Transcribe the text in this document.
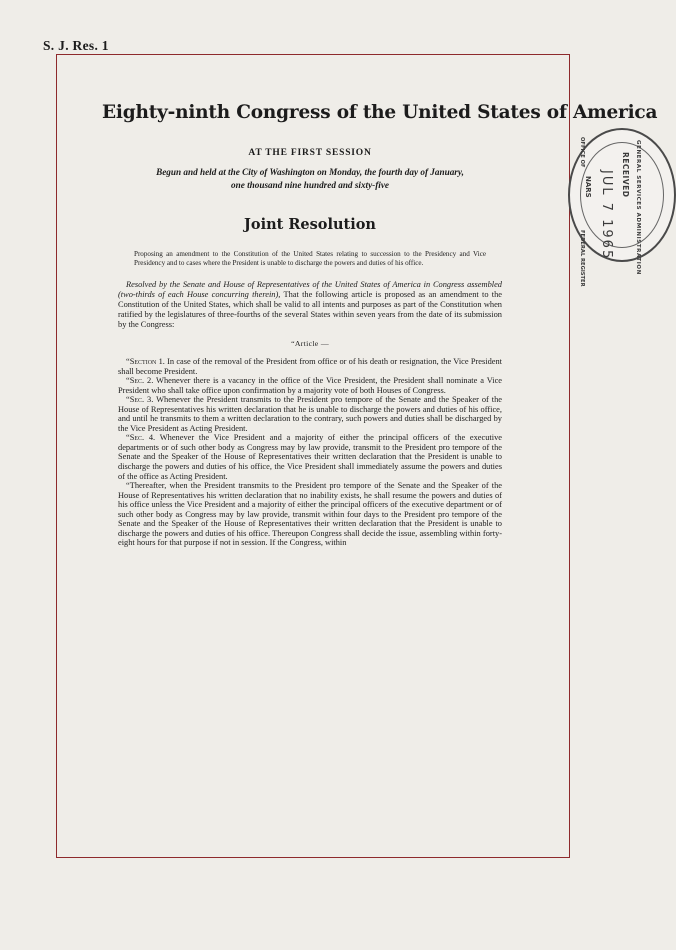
S. J. Res. 1
Eighty-ninth Congress of the United States of America
AT THE FIRST SESSION
Begun and held at the City of Washington on Monday, the fourth day of January,
one thousand nine hundred and sixty-five
Joint Resolution
Proposing an amendment to the Constitution of the United States relating to succession to the Presidency and Vice Presidency and to cases where the President is unable to discharge the powers and duties of his office.
Resolved by the Senate and House of Representatives of the United States of America in Congress assembled (two-thirds of each House concurring therein), That the following article is proposed as an amendment to the Constitution of the United States, which shall be valid to all intents and purposes as part of the Constitution when ratified by the legislatures of three-fourths of the several States within seven years from the date of its submission by the Congress:
“Article —

“Section 1. In case of the removal of the President from office or of his death or resignation, the Vice President shall become President.

“Sec. 2. Whenever there is a vacancy in the office of the Vice President, the President shall nominate a Vice President who shall take office upon confirmation by a majority vote of both Houses of Congress.

“Sec. 3. Whenever the President transmits to the President pro tempore of the Senate and the Speaker of the House of Representatives his written declaration that he is unable to discharge the powers and duties of his office, and until he transmits to them a written declaration to the contrary, such powers and duties shall be discharged by the Vice President as Acting President.

“Sec. 4. Whenever the Vice President and a majority of either the principal officers of the executive departments or of such other body as Congress may by law provide, transmit to the President pro tempore of the Senate and the Speaker of the House of Representatives their written declaration that the President is unable to discharge the powers and duties of his office, the Vice President shall immediately assume the powers and duties of the office as Acting President.

“Thereafter, when the President transmits to the President pro tempore of the Senate and the Speaker of the House of Representatives his written declaration that no inability exists, he shall resume the powers and duties of his office unless the Vice President and a majority of either the principal officers of the executive department or of such other body as Congress may by law provide, transmit within four days to the President pro tempore of the Senate and the Speaker of the House of Representatives their written declaration that the President is unable to discharge the powers and duties of his office. Thereupon Congress shall decide the issue, assembling within forty-eight hours for that purpose if not in session. If the Congress, within

GENERAL SERVICES ADMINISTRATION
RECEIVED
JUL 7 1965
NARS
OFFICE OF
FEDERAL REGISTER
